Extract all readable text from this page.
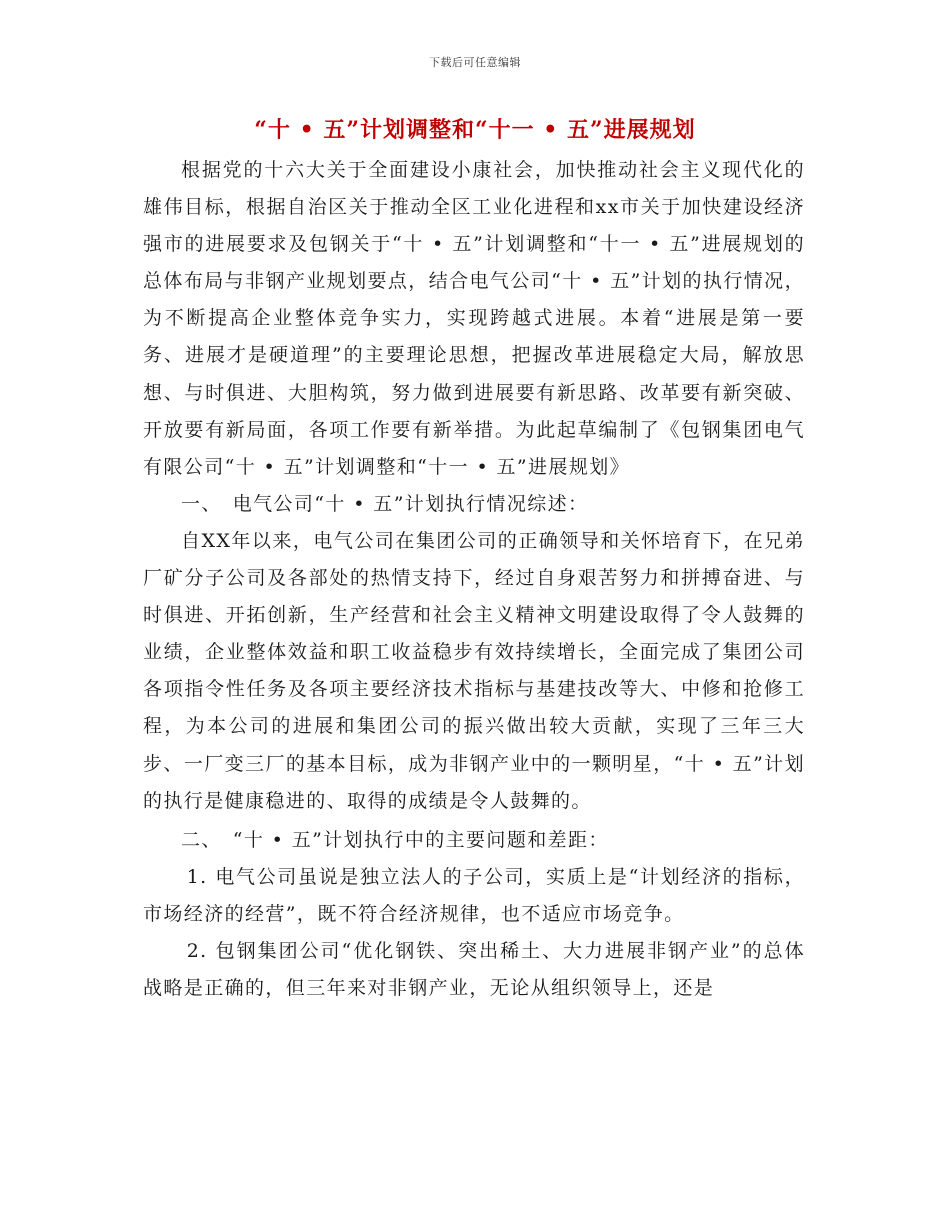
下载后可任意编辑
“十 • 五”计划调整和“十一 • 五”进展规划

根据党的十六大关于全面建设小康社会，加快推动社会主义现代化的雄伟目标，根据自治区关于推动全区工业化进程和xx市关于加快建设经济强市的进展要求及包钢关于“十 • 五”计划调整和“十一 • 五”进展规划的总体布局与非钢产业规划要点，结合电气公司“十 • 五”计划的执行情况，为不断提高企业整体竞争实力，实现跨越式进展。本着“进展是第一要务、进展才是硬道理”的主要理论思想，把握改革进展稳定大局，解放思想、与时俱进、大胆构筑，努力做到进展要有新思路、改革要有新突破、开放要有新局面，各项工作要有新举措。为此起草编制了《包钢集团电气有限公司“十 • 五”计划调整和“十一 • 五”进展规划》

一、　电气公司“十 • 五”计划执行情况综述：

自XX年以来，电气公司在集团公司的正确领导和关怀培育下，在兄弟厂矿分子公司及各部处的热情支持下，经过自身艰苦努力和拼搏奋进、与时俱进、开拓创新，生产经营和社会主义精神文明建设取得了令人鼓舞的业绩，企业整体效益和职工收益稳步有效持续增长，全面完成了集团公司各项指令性任务及各项主要经济技术指标与基建技改等大、中修和抢修工程，为本公司的进展和集团公司的振兴做出较大贡献，实现了三年三大步、一厂变三厂的基本目标，成为非钢产业中的一颗明星，“十 • 五”计划的执行是健康稳进的、取得的成绩是令人鼓舞的。

二、　“十 • 五”计划执行中的主要问题和差距：

1. 电气公司虽说是独立法人的子公司，实质上是“计划经济的指标，市场经济的经营”，既不符合经济规律，也不适应市场竞争。

2. 包钢集团公司“优化钢铁、突出稀土、大力进展非钢产业”的总体战略是正确的，但三年来对非钢产业，无论从组织领导上，还是
